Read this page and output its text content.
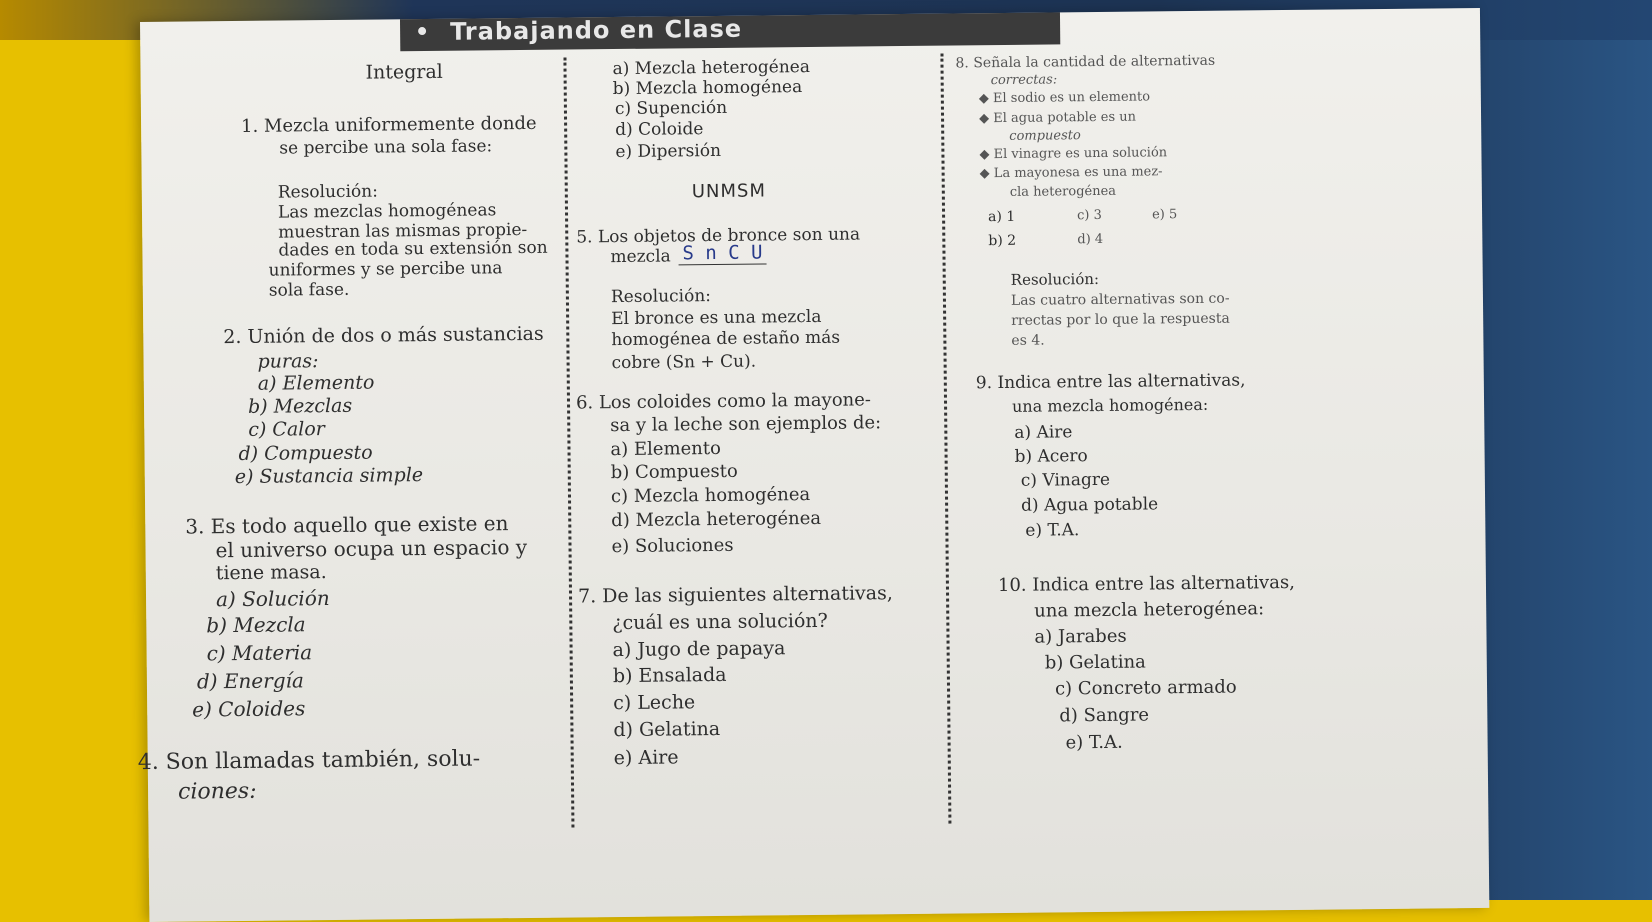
Trabajando en Clase
Integral
1. Mezcla uniformemente donde
se percibe una sola fase:
Resolución:
Las mezclas homogéneas
muestran las mismas propie-
dades en toda su extensión son
uniformes y se percibe una
sola fase.
2. Unión de dos o más sustancias
puras:
a) Elemento
b) Mezclas
c) Calor
d) Compuesto
e) Sustancia simple
3. Es todo aquello que existe en
el universo ocupa un espacio y
tiene masa.
a) Solución
b) Mezcla
c) Materia
d) Energía
e) Coloides
4. Son llamadas también, solu-
ciones:
a) Mezcla heterogénea
b) Mezcla homogénea
c) Supención
d) Coloide
e) Dipersión
UNMSM
5. Los objetos de bronce son una
mezcla S n C U
Resolución:
El bronce es una mezcla
homogénea de estaño más
cobre (Sn + Cu).
6. Los coloides como la mayone-
sa y la leche son ejemplos de:
a) Elemento
b) Compuesto
c) Mezcla homogénea
d) Mezcla heterogénea
e) Soluciones
7. De las siguientes alternativas,
¿cuál es una solución?
a) Jugo de papaya
b) Ensalada
c) Leche
d) Gelatina
e) Aire
8. Señala la cantidad de alternativas
correctas:
◆ El sodio es un elemento
◆ El agua potable es un
compuesto
◆ El vinagre es una solución
◆ La mayonesa es una mez-
cla heterogénea
a) 1	c) 3	e) 5
b) 2	d) 4
Resolución:
Las cuatro alternativas son co-
rrectas por lo que la respuesta
es 4.
9. Indica entre las alternativas,
una mezcla homogénea:
a) Aire
b) Acero
c) Vinagre
d) Agua potable
e) T.A.
10. Indica entre las alternativas,
una mezcla heterogénea:
a) Jarabes
b) Gelatina
c) Concreto armado
d) Sangre
e) T.A.
